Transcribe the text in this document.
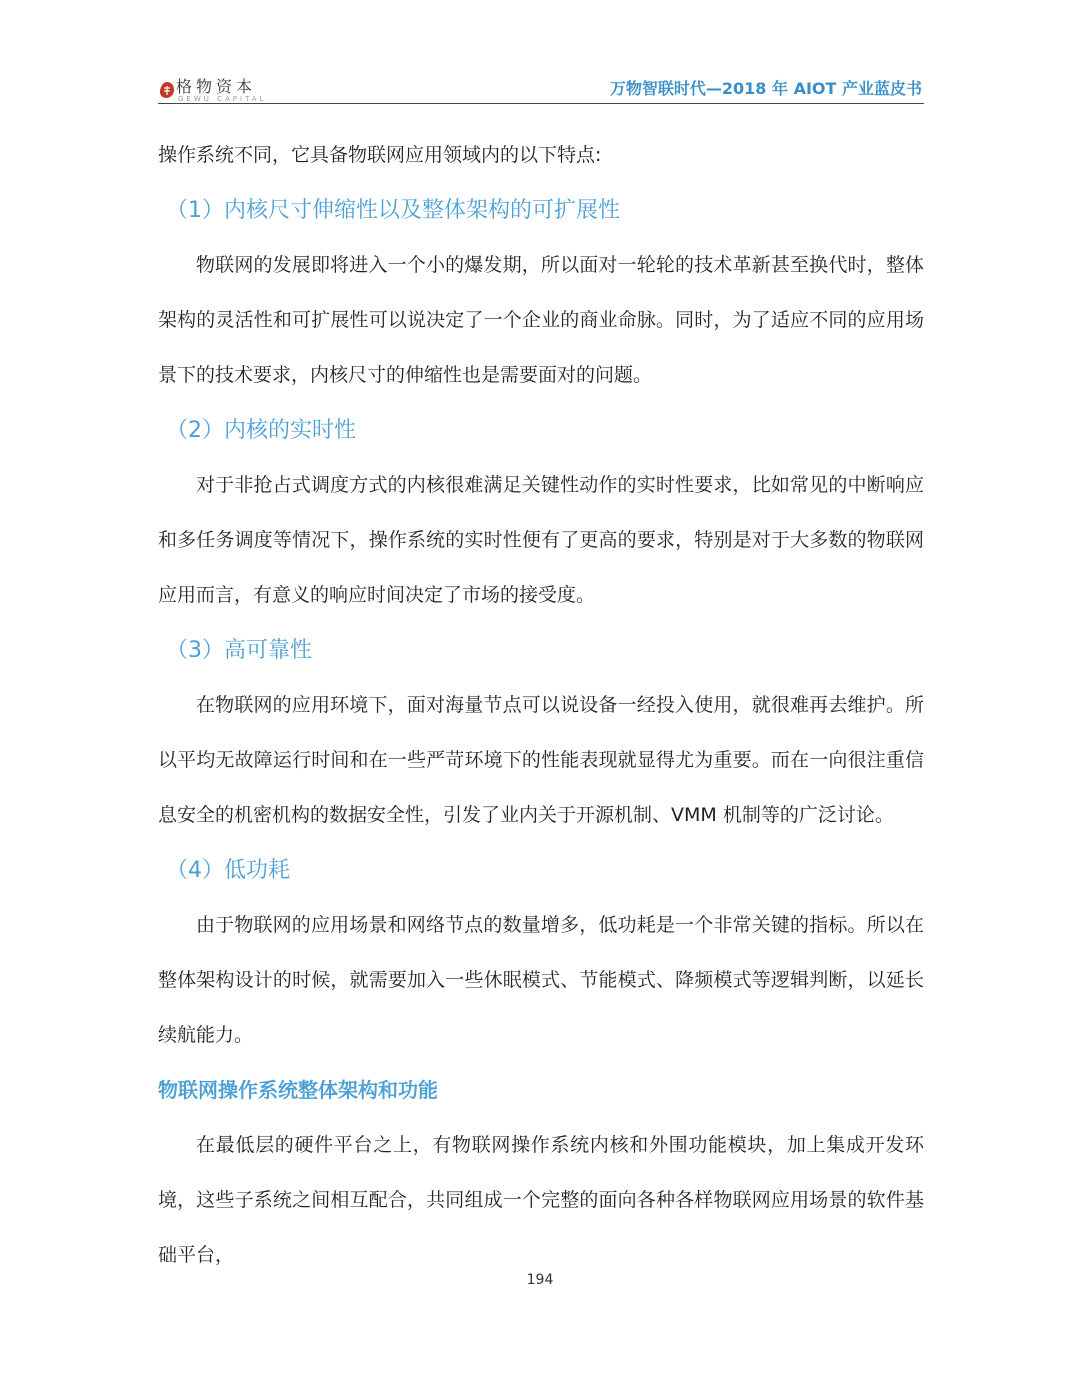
格物资本
GEWU CAPITAL
万物智联时代—2018 年 AIOT 产业蓝皮书

操作系统不同，它具备物联网应用领域内的以下特点:

（1）内核尺寸伸缩性以及整体架构的可扩展性

物联网的发展即将进入一个小的爆发期，所以面对一轮轮的技术革新甚至换代时，整体架构的灵活性和可扩展性可以说决定了一个企业的商业命脉。同时，为了适应不同的应用场景下的技术要求，内核尺寸的伸缩性也是需要面对的问题。

（2）内核的实时性

对于非抢占式调度方式的内核很难满足关键性动作的实时性要求，比如常见的中断响应和多任务调度等情况下，操作系统的实时性便有了更高的要求，特别是对于大多数的物联网应用而言，有意义的响应时间决定了市场的接受度。

（3）高可靠性

在物联网的应用环境下，面对海量节点可以说设备一经投入使用，就很难再去维护。所以平均无故障运行时间和在一些严苛环境下的性能表现就显得尤为重要。而在一向很注重信息安全的机密机构的数据安全性，引发了业内关于开源机制、VMM 机制等的广泛讨论。

（4）低功耗

由于物联网的应用场景和网络节点的数量增多，低功耗是一个非常关键的指标。所以在整体架构设计的时候，就需要加入一些休眠模式、节能模式、降频模式等逻辑判断，以延长续航能力。

物联网操作系统整体架构和功能

在最低层的硬件平台之上，有物联网操作系统内核和外围功能模块，加上集成开发环境，这些子系统之间相互配合，共同组成一个完整的面向各种各样物联网应用场景的软件基础平台，

194
